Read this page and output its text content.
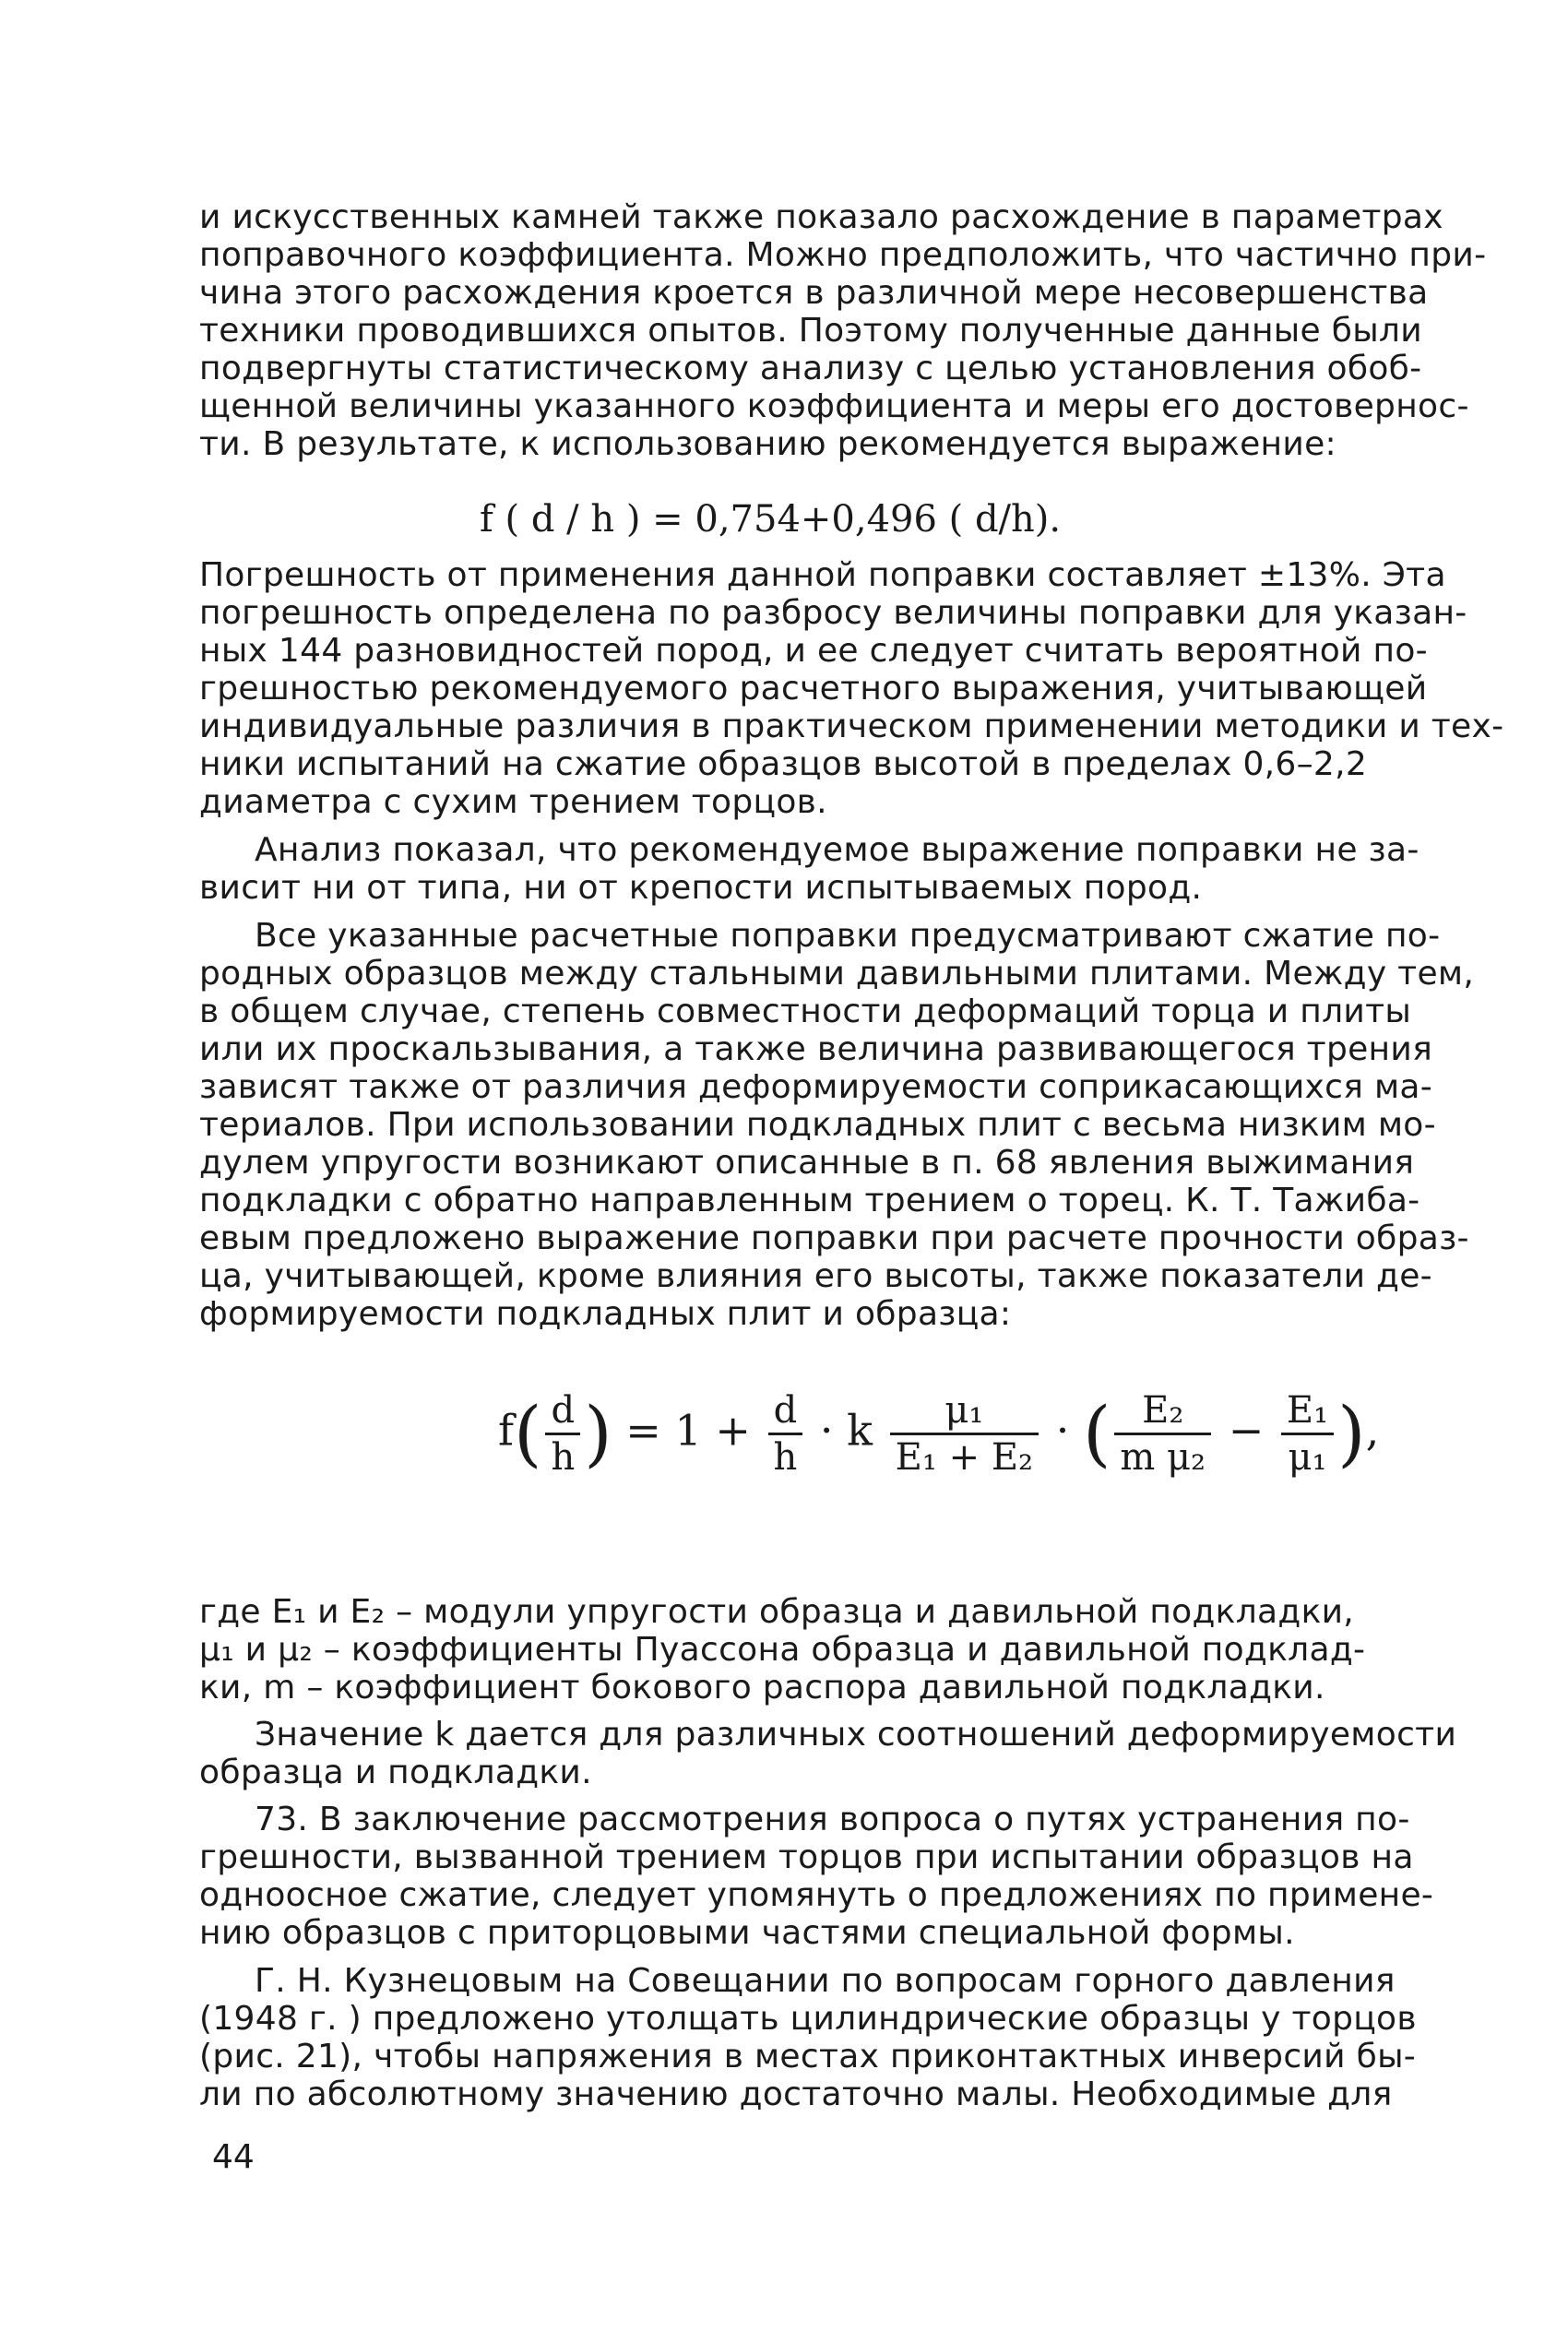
и искусственных камней также показало расхождение в параметрах
поправочного коэффициента. Можно предположить, что частично при-
чина этого расхождения кроется в различной мере несовершенства
техники проводившихся опытов. Поэтому полученные данные были
подвергнуты статистическому анализу с целью установления обоб-
щенной величины указанного коэффициента и меры его достовернос-
ти. В результате, к использованию рекомендуется выражение:
f ( d / h ) = 0,754+0,496 ( d/h).
Погрешность от применения данной поправки составляет ±13%. Эта
погрешность определена по разбросу величины поправки для указан-
ных 144 разновидностей пород, и ее следует считать вероятной по-
грешностью рекомендуемого расчетного выражения, учитывающей
индивидуальные различия в практическом применении методики и тех-
ники испытаний на сжатие образцов высотой в пределах 0,6–2,2
диаметра с сухим трением торцов.
Анализ показал, что рекомендуемое выражение поправки не за-
висит ни от типа, ни от крепости испытываемых пород.
Все указанные расчетные поправки предусматривают сжатие по-
родных образцов между стальными давильными плитами. Между тем,
в общем случае, степень совместности деформаций торца и плиты
или их проскальзывания, а также величина развивающегося трения
зависят также от различия деформируемости соприкасающихся ма-
териалов. При использовании подкладных плит с весьма низким мо-
дулем упругости возникают описанные в п. 68 явления выжимания
подкладки с обратно направленным трением о торец. К. Т. Тажиба-
евым предложено выражение поправки при расчете прочности образ-
ца, учитывающей, кроме влияния его высоты, также показатели де-
формируемости подкладных плит и образца:
$f( \frac{d}{h}$ ) = $1 + \frac{d}{h} \cdot k \frac{\text{μ₁}}{\text{E₁ + E₂}}$ · ( $\frac{\text{E₂}}{\text{m μ₂}} - \frac{\text{E₁}}{\text{μ₁}}$ ),
где E₁ и E₂ – модули упругости образца и давильной подкладки,
μ₁ и μ₂ – коэффициенты Пуассона образца и давильной подклад-
ки, m – коэффициент бокового распора давильной подкладки.
Значение k дается для различных соотношений деформируемости
образца и подкладки.
73. В заключение рассмотрения вопроса о путях устранения по-
грешности, вызванной трением торцов при испытании образцов на
одноосное сжатие, следует упомянуть о предложениях по примене-
нию образцов с приторцовыми частями специальной формы.
Г. Н. Кузнецовым на Совещании по вопросам горного давления
(1948 г. ) предложено утолщать цилиндрические образцы у торцов
(рис. 21), чтобы напряжения в местах приконтактных инверсий бы-
ли по абсолютному значению достаточно малы. Необходимые для
44
